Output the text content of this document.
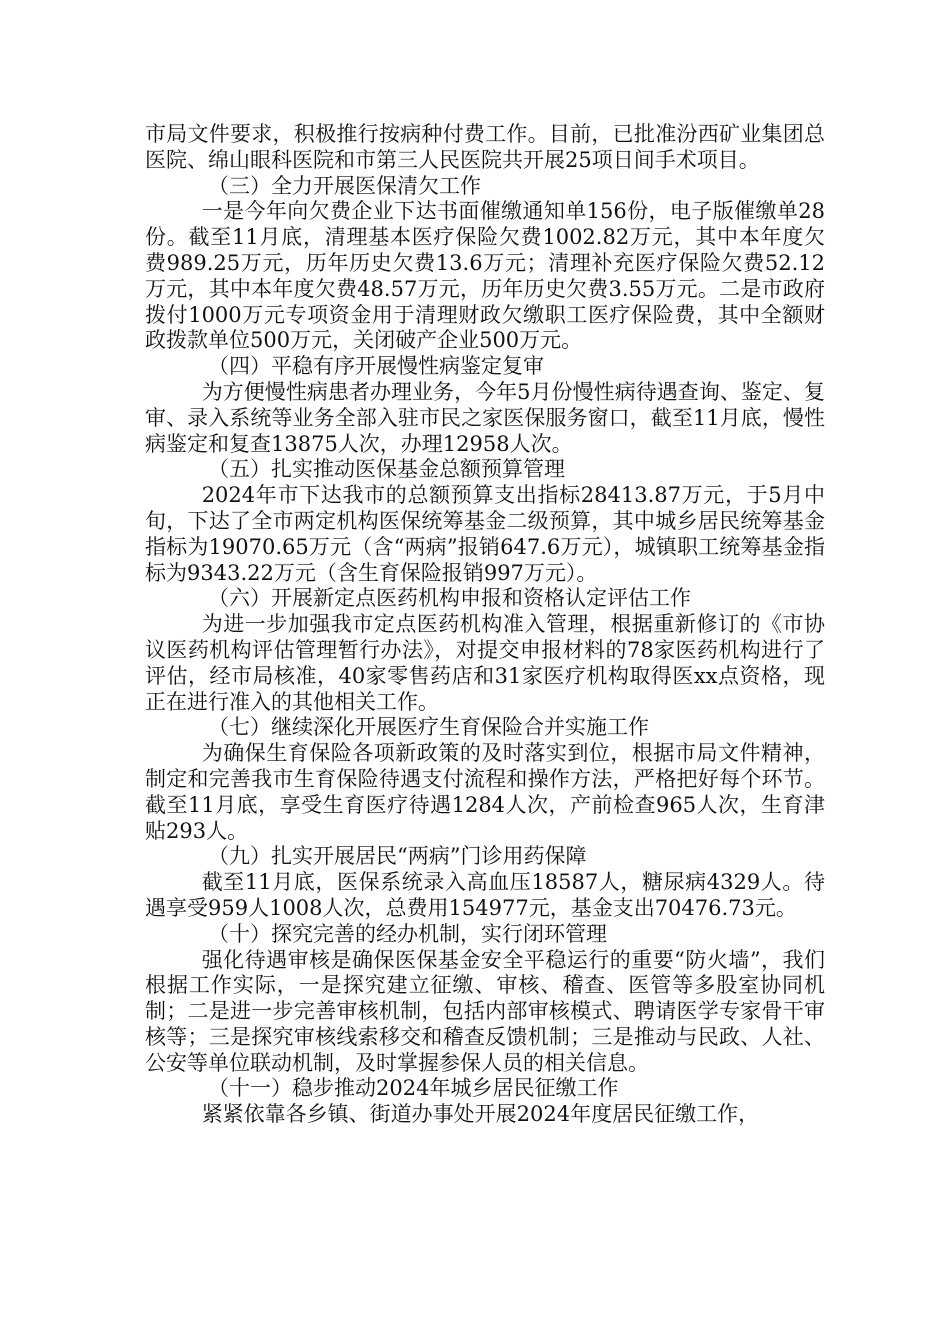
市局文件要求，积极推行按病种付费工作。目前，已批准汾西矿业集团总医院、绵山眼科医院和市第三人民医院共开展25项日间手术项目。

（三）全力开展医保清欠工作

一是今年向欠费企业下达书面催缴通知单156份，电子版催缴单28份。截至11月底，清理基本医疗保险欠费1002.82万元，其中本年度欠费989.25万元，历年历史欠费13.6万元；清理补充医疗保险欠费52.12万元，其中本年度欠费48.57万元，历年历史欠费3.55万元。二是市政府拨付1000万元专项资金用于清理财政欠缴职工医疗保险费，其中全额财政拨款单位500万元，关闭破产企业500万元。

（四）平稳有序开展慢性病鉴定复审

为方便慢性病患者办理业务，今年5月份慢性病待遇查询、鉴定、复审、录入系统等业务全部入驻市民之家医保服务窗口，截至11月底，慢性病鉴定和复查13875人次，办理12958人次。

（五）扎实推动医保基金总额预算管理

2024年市下达我市的总额预算支出指标28413.87万元，于5月中旬，下达了全市两定机构医保统筹基金二级预算，其中城乡居民统筹基金指标为19070.65万元（含“两病”报销647.6万元），城镇职工统筹基金指标为9343.22万元（含生育保险报销997万元）。

（六）开展新定点医药机构申报和资格认定评估工作

为进一步加强我市定点医药机构准入管理，根据重新修订的《市协议医药机构评估管理暂行办法》，对提交申报材料的78家医药机构进行了评估，经市局核准，40家零售药店和31家医疗机构取得医xx点资格，现正在进行准入的其他相关工作。

（七）继续深化开展医疗生育保险合并实施工作

为确保生育保险各项新政策的及时落实到位，根据市局文件精神，制定和完善我市生育保险待遇支付流程和操作方法，严格把好每个环节。截至11月底，享受生育医疗待遇1284人次，产前检查965人次，生育津贴293人。

（九）扎实开展居民“两病”门诊用药保障

截至11月底，医保系统录入高血压18587人，糖尿病4329人。待遇享受959人1008人次，总费用154977元，基金支出70476.73元。

（十）探究完善的经办机制，实行闭环管理

强化待遇审核是确保医保基金安全平稳运行的重要“防火墙”，我们根据工作实际，一是探究建立征缴、审核、稽查、医管等多股室协同机制；二是进一步完善审核机制，包括内部审核模式、聘请医学专家骨干审核等；三是探究审核线索移交和稽查反馈机制；三是推动与民政、人社、公安等单位联动机制，及时掌握参保人员的相关信息。

（十一）稳步推动2024年城乡居民征缴工作

紧紧依靠各乡镇、街道办事处开展2024年度居民征缴工作，
